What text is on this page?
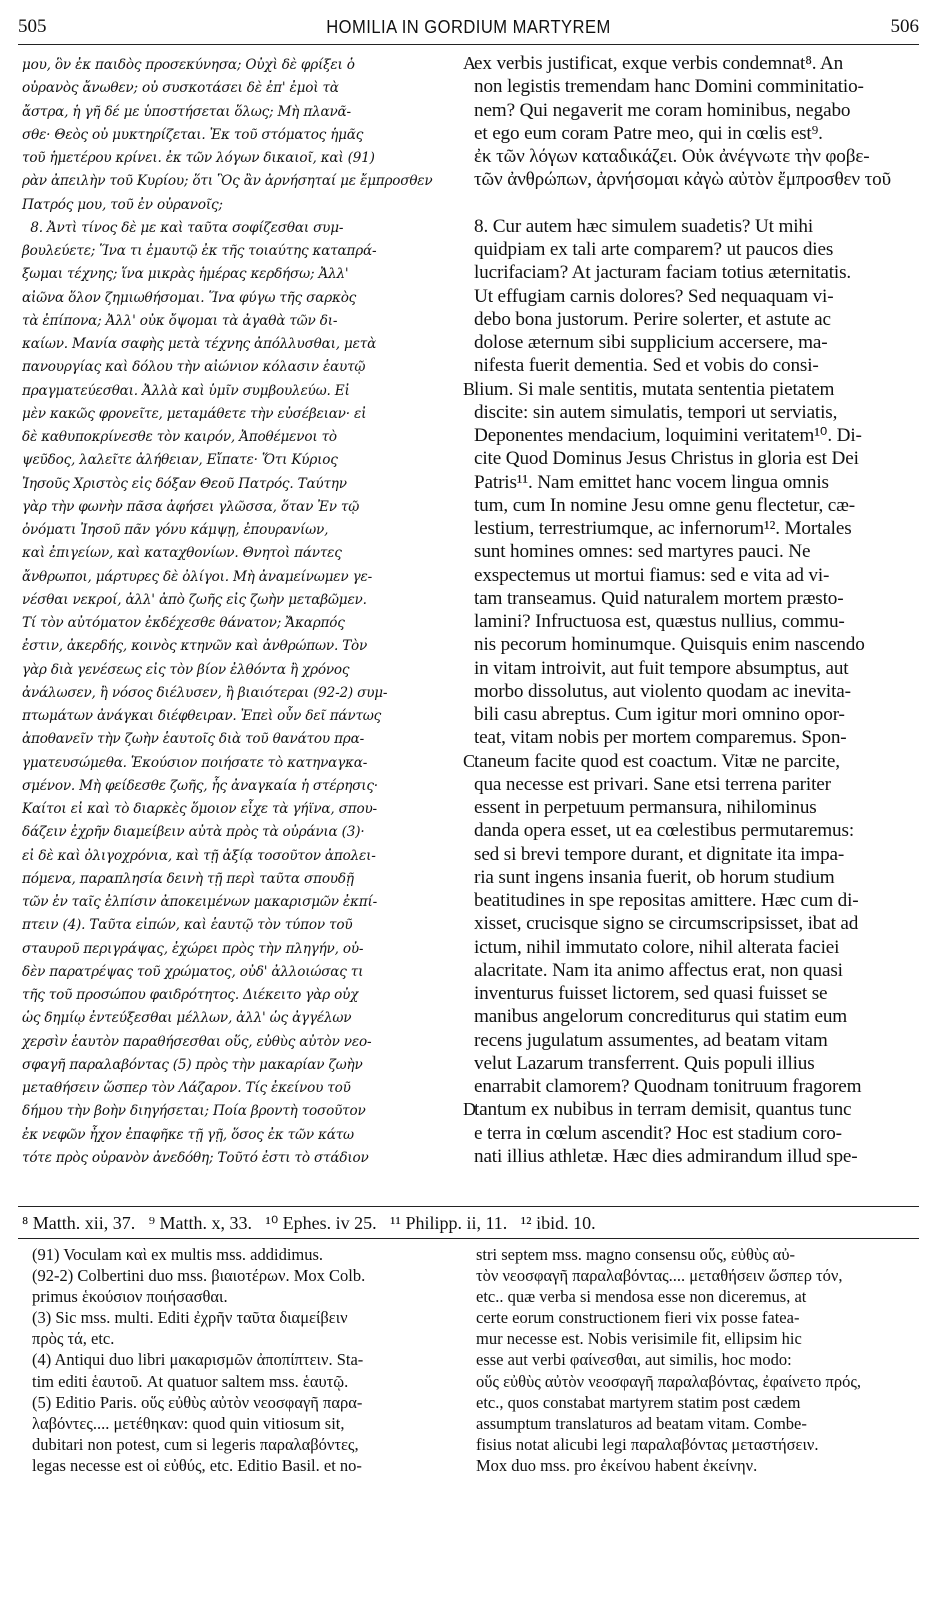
505	HOMILIA IN GORDIUM MARTYREM	506
μου, ὃν ἐκ παιδὸς προσεκύνησα; Οὐχὶ δὲ φρίξει ὁ
οὐρανὸς ἄνωθεν; οὐ συσκοτάσει δὲ ἐπ' ἐμοὶ τὰ
ἄστρα, ἡ γῆ δέ με ὑποστήσεται ὅλως; Μὴ πλανᾶ-
σθε· Θεὸς οὐ μυκτηρίζεται. Ἐκ τοῦ στόματος ἡμᾶς
τοῦ ἡμετέρου κρίνει. ἐκ τῶν λόγων δικαιοῖ, καὶ (91)
ρὰν ἀπειλὴν τοῦ Κυρίου; ὅτι Ὃς ἂν ἀρνήσηταί με ἔμπροσθεν
Πατρός μου, τοῦ ἐν οὐρανοῖς;
8. Ἀντὶ τίνος δὲ με καὶ ταῦτα σοφίζεσθαι συμ-
βουλεύετε; Ἵνα τι ἐμαυτῷ ἐκ τῆς τοιαύτης καταπρά-
ξωμαι τέχνης; ἵνα μικρὰς ἡμέρας κερδήσω; Ἀλλ'
αἰῶνα ὅλον ζημιωθήσομαι. Ἵνα φύγω τῆς σαρκὸς
τὰ ἐπίπονα; Ἀλλ' οὐκ ὄψομαι τὰ ἀγαθὰ τῶν δι-
καίων. Μανία σαφὴς μετὰ τέχνης ἀπόλλυσθαι, μετὰ
πανουργίας καὶ δόλου τὴν αἰώνιον κόλασιν ἑαυτῷ
πραγματεύεσθαι. Ἀλλὰ καὶ ὑμῖν συμβουλεύω. Εἰ
μὲν κακῶς φρονεῖτε, μεταμάθετε τὴν εὐσέβειαν· εἰ
δὲ καθυποκρίνεσθε τὸν καιρόν, Ἀποθέμενοι τὸ
ψεῦδος, λαλεῖτε ἀλήθειαν, Εἴπατε· Ὅτι Κύριος
Ἰησοῦς Χριστὸς εἰς δόξαν Θεοῦ Πατρός. Ταύτην
γὰρ τὴν φωνὴν πᾶσα ἀφήσει γλῶσσα, ὅταν Ἐν τῷ
ὀνόματι Ἰησοῦ πᾶν γόνυ κάμψῃ, ἐπουρανίων,
καὶ ἐπιγείων, καὶ καταχθονίων. Θνητοὶ πάντες
ἄνθρωποι, μάρτυρες δὲ ὀλίγοι. Μὴ ἀναμείνωμεν γε-
νέσθαι νεκροί, ἀλλ' ἀπὸ ζωῆς εἰς ζωὴν μεταβῶμεν.
Τί τὸν αὐτόματον ἐκδέχεσθε θάνατον; Ἄκαρπός
ἐστιν, ἀκερδής, κοινὸς κτηνῶν καὶ ἀνθρώπων. Τὸν
γὰρ διὰ γενέσεως εἰς τὸν βίον ἐλθόντα ἢ χρόνος
ἀνάλωσεν, ἢ νόσος διέλυσεν, ἢ βιαιότεραι (92-2) συμ-
πτωμάτων ἀνάγκαι διέφθειραν. Ἐπεὶ οὖν δεῖ πάντως
ἀποθανεῖν τὴν ζωὴν ἑαυτοῖς διὰ τοῦ θανάτου πρα-
γματευσώμεθα. Ἑκούσιον ποιήσατε τὸ κατηναγκα-
σμένον. Μὴ φείδεσθε ζωῆς, ἧς ἀναγκαία ἡ στέρησις·
Καίτοι εἰ καὶ τὸ διαρκὲς ὅμοιον εἶχε τὰ γήϊνα, σπου-
δάζειν ἐχρῆν διαμείβειν αὐτὰ πρὸς τὰ οὐράνια (3)·
εἰ δὲ καὶ ὀλιγοχρόνια, καὶ τῇ ἀξίᾳ τοσοῦτον ἀπολει-
πόμενα, παραπλησία δεινὴ τῇ περὶ ταῦτα σπουδῇ
τῶν ἐν ταῖς ἐλπίσιν ἀποκειμένων μακαρισμῶν ἐκπί-
πτειν (4). Ταῦτα εἰπών, καὶ ἑαυτῷ τὸν τύπον τοῦ
σταυροῦ περιγράψας, ἐχώρει πρὸς τὴν πληγήν, οὐ-
δὲν παρατρέψας τοῦ χρώματος, οὐδ' ἀλλοιώσας τι
τῆς τοῦ προσώπου φαιδρότητος. Διέκειτο γὰρ οὐχ
ὡς δημίῳ ἐντεύξεσθαι μέλλων, ἀλλ' ὡς ἀγγέλων
χερσὶν ἑαυτὸν παραθήσεσθαι οὕς, εὐθὺς αὐτὸν νεο-
σφαγῆ παραλαβόντας (5) πρὸς τὴν μακαρίαν ζωὴν
μεταθήσειν ὥσπερ τὸν Λάζαρον. Τίς ἐκείνου τοῦ
δήμου τὴν βοὴν διηγήσεται; Ποία βροντὴ τοσοῦτον
ἐκ νεφῶν ἦχον ἐπαφῆκε τῇ γῇ, ὅσος ἐκ τῶν κάτω
τότε πρὸς οὐρανὸν ἀνεδόθη; Τοῦτό ἐστι τὸ στάδιον

A

B

C

D

ex verbis justificat, exque verbis condemnat⁸. An
non legistis tremendam hanc Domini comminitatio-
nem? Qui negaverit me coram hominibus, negabo
et ego eum coram Patre meo, qui in cœlis est⁹.
ἐκ τῶν λόγων καταδικάζει. Οὐκ ἀνέγνωτε τὴν φοβε-
τῶν ἀνθρώπων, ἀρνήσομαι κἀγὼ αὐτὸν ἔμπροσθεν τοῦ
8. Cur autem hæc simulem suadetis? Ut mihi
quidpiam ex tali arte comparem? ut paucos dies
lucrifaciam? At jacturam faciam totius æternitatis.
Ut effugiam carnis dolores? Sed nequaquam vi-
debo bona justorum. Perire solerter, et astute ac
dolose æternum sibi supplicium accersere, ma-
nifesta fuerit dementia. Sed et vobis do consi-
lium. Si male sentitis, mutata sententia pietatem
discite: sin autem simulatis, tempori ut serviatis,
Deponentes mendacium, loquimini veritatem¹⁰. Di-
cite Quod Dominus Jesus Christus in gloria est Dei
Patris¹¹. Nam emittet hanc vocem lingua omnis
tum, cum In nomine Jesu omne genu flectetur, cæ-
lestium, terrestriumque, ac infernorum¹². Mortales
sunt homines omnes: sed martyres pauci. Ne
exspectemus ut mortui fiamus: sed e vita ad vi-
tam transeamus. Quid naturalem mortem præsto-
lamini? Infructuosa est, quæstus nullius, commu-
nis pecorum hominumque. Quisquis enim nascendo
in vitam introivit, aut fuit tempore absumptus, aut
morbo dissolutus, aut violento quodam ac inevita-
bili casu abreptus. Cum igitur mori omnino opor-
teat, vitam nobis per mortem comparemus. Spon-
taneum facite quod est coactum. Vitæ ne parcite,
qua necesse est privari. Sane etsi terrena pariter
essent in perpetuum permansura, nihilominus
danda opera esset, ut ea cœlestibus permutaremus:
sed si brevi tempore durant, et dignitate ita impa-
ria sunt ingens insania fuerit, ob horum studium
beatitudines in spe repositas amittere. Hæc cum di-
xisset, crucisque signo se circumscripsisset, ibat ad
ictum, nihil immutato colore, nihil alterata faciei
alacritate. Nam ita animo affectus erat, non quasi
inventurus fuisset lictorem, sed quasi fuisset se
manibus angelorum concrediturus qui statim eum
recens jugulatum assumentes, ad beatam vitam
velut Lazarum transferrent. Quis populi illius
enarrabit clamorem? Quodnam tonitruum fragorem
tantum ex nubibus in terram demisit, quantus tunc
e terra in cœlum ascendit? Hoc est stadium coro-
nati illius athletæ. Hæc dies admirandum illud spe-
⁸ Matth. xii, 37.   ⁹ Matth. x, 33.   ¹⁰ Ephes. iv 25.   ¹¹ Philipp. ii, 11.   ¹² ibid. 10.
(91) Voculam καὶ ex multis mss. addidimus.
(92-2) Colbertini duo mss. βιαιοτέρων. Mox Colb.
primus ἑκούσιον ποιήσασθαι.
(3) Sic mss. multi. Editi ἐχρῆν ταῦτα διαμείβειν
πρὸς τά, etc.
(4) Antiqui duo libri μακαρισμῶν ἀποπίπτειν. Sta-
tim editi ἑαυτοῦ. At quatuor saltem mss. ἑαυτῷ.
(5) Editio Paris. οὕς εὐθὺς αὐτὸν νεοσφαγῆ παρα-
λαβόντες.... μετέθηκαν: quod quin vitiosum sit,
dubitari non potest, cum si legeris παραλαβόντες,
legas necesse est οἱ εὐθύς, etc. Editio Basil. et no-
stri septem mss. magno consensu οὕς, εὐθὺς αὐ-
τὸν νεοσφαγῆ παραλαβόντας.... μεταθήσειν ὥσπερ τόν,
etc.. quæ verba si mendosa esse non diceremus, at
certe eorum constructionem fieri vix posse fatea-
mur necesse est. Nobis verisimile fit, ellipsim hic
esse aut verbi φαίνεσθαι, aut similis, hoc modo:
οὕς εὐθὺς αὐτὸν νεοσφαγῆ παραλαβόντας, ἐφαίνετο πρός,
etc., quos constabat martyrem statim post cædem
assumptum translaturos ad beatam vitam. Combe-
fisius notat alicubi legi παραλαβόντας μεταστήσειν.
Mox duo mss. pro ἐκείνου habent ἐκείνην.
